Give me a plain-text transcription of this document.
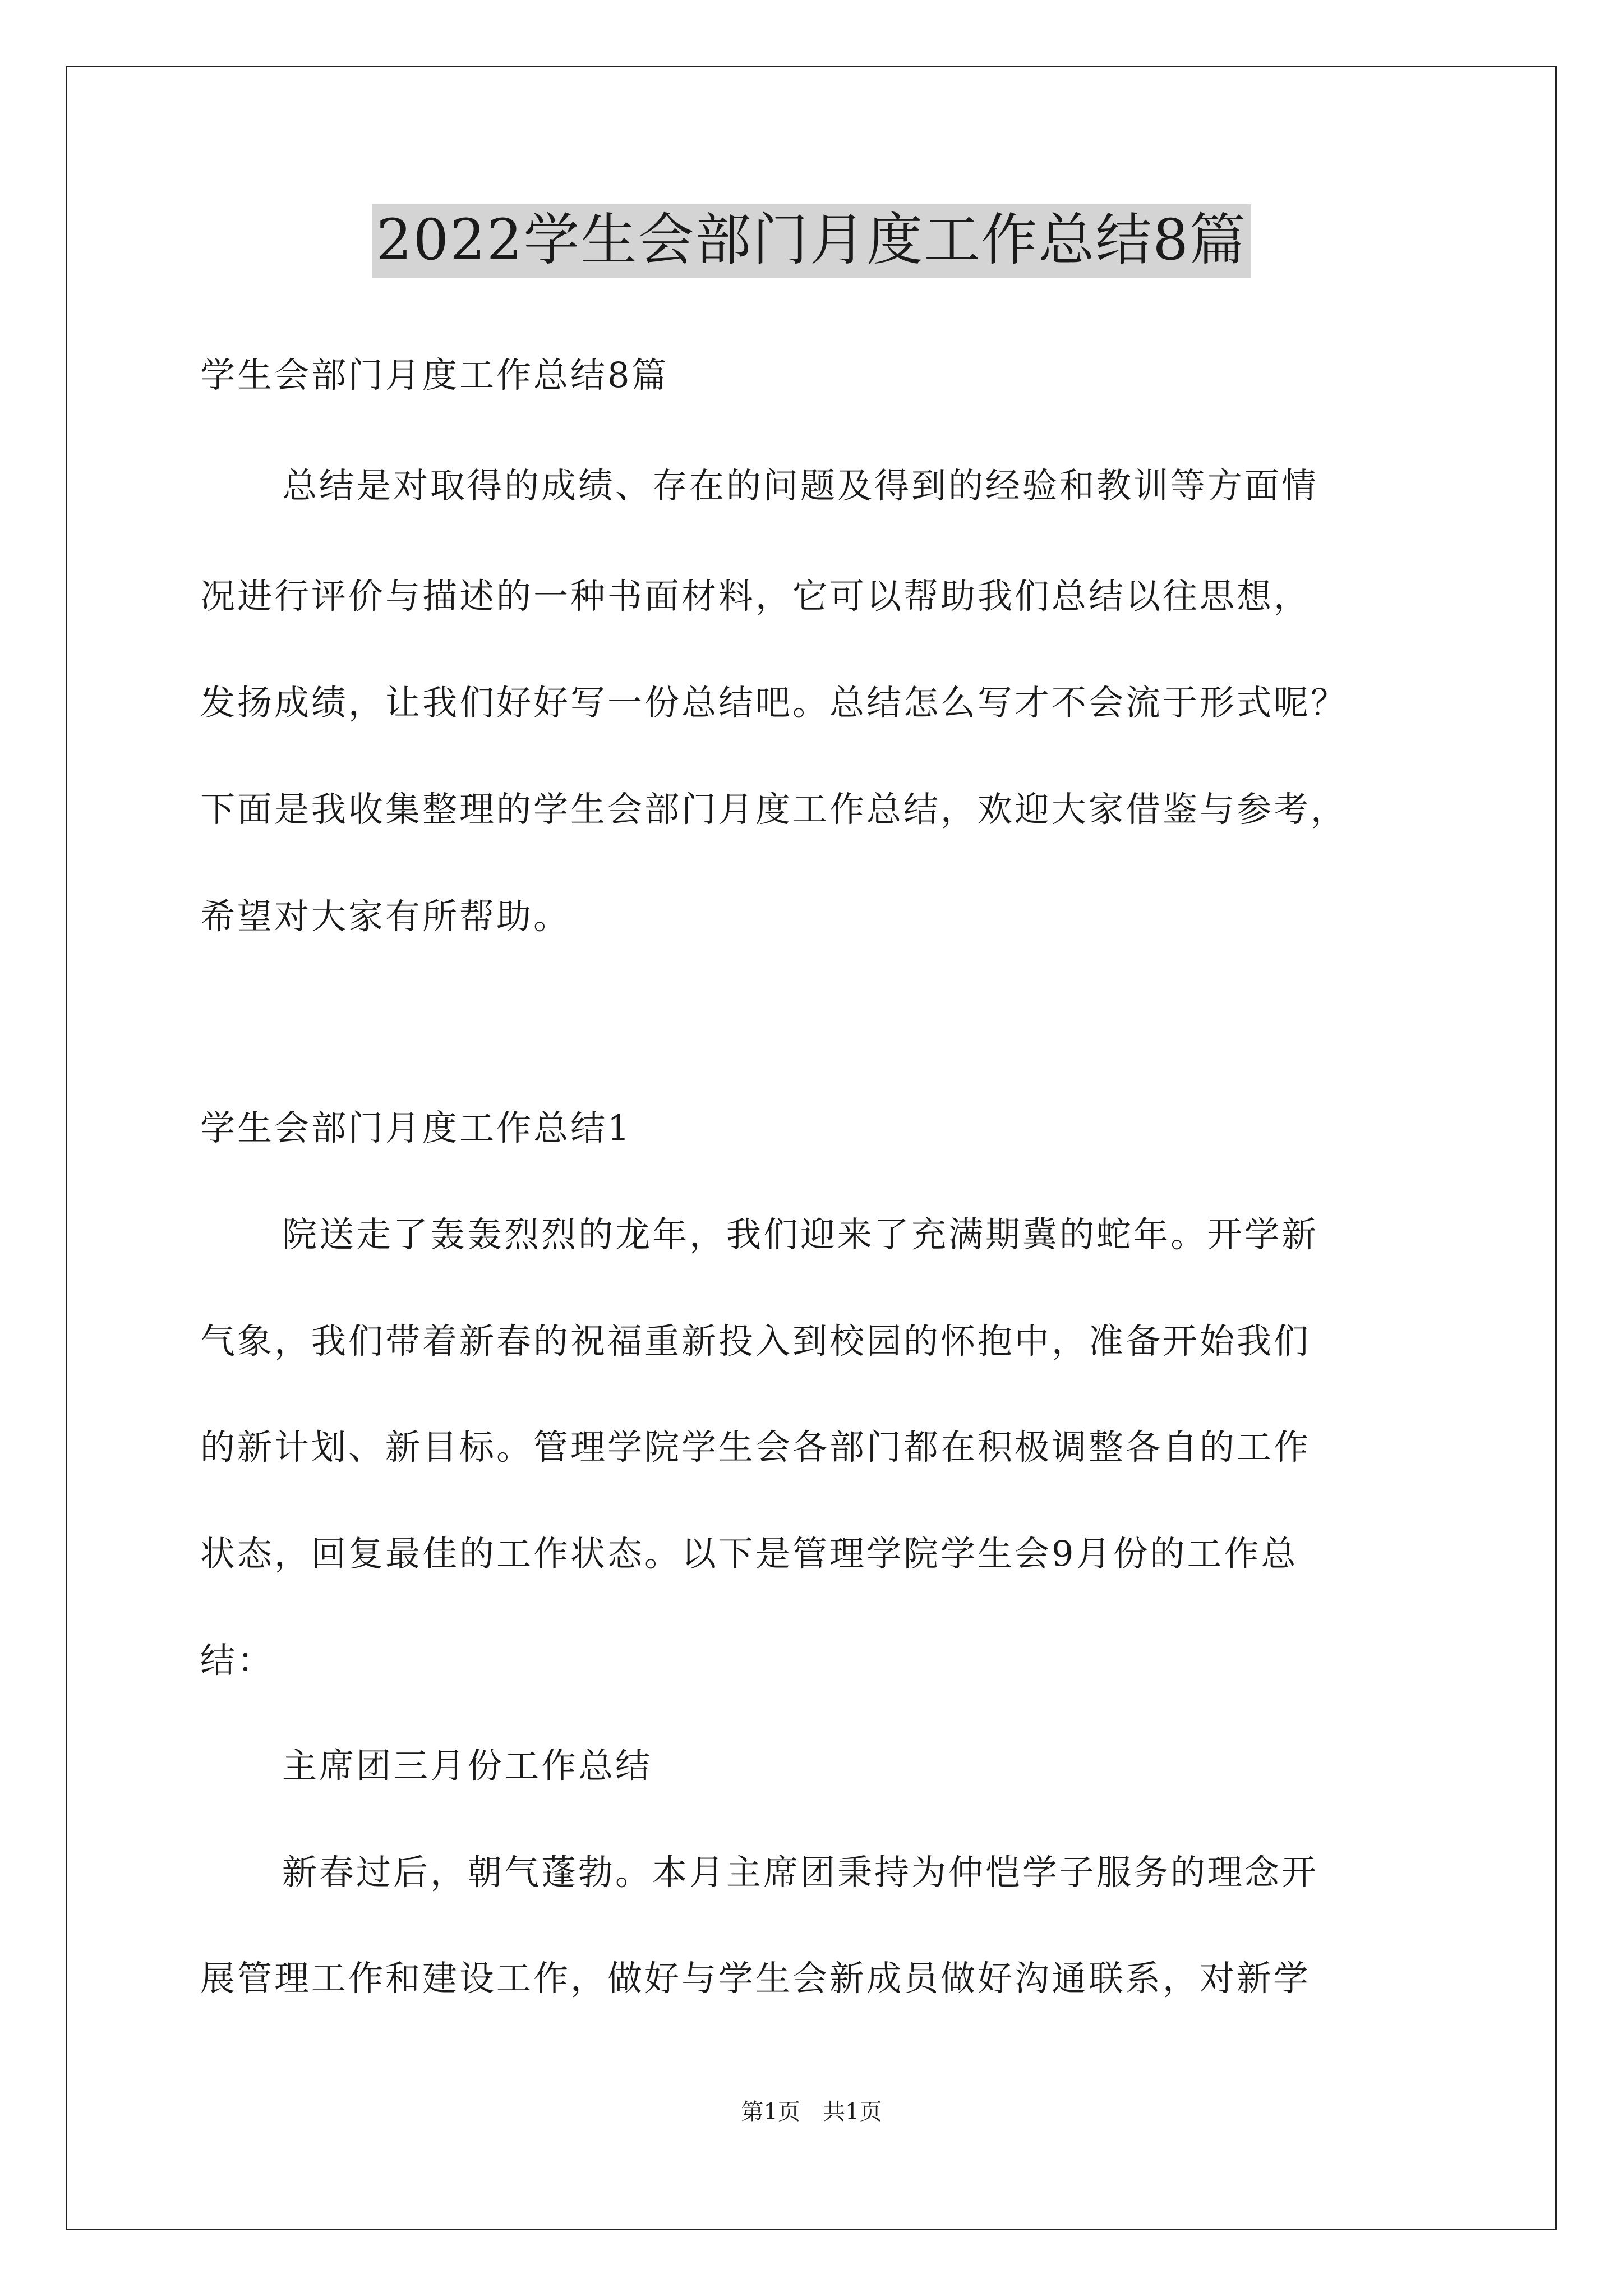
2022学生会部门月度工作总结8篇

学生会部门月度工作总结8篇

总结是对取得的成绩、存在的问题及得到的经验和教训等方面情

况进行评价与描述的一种书面材料，它可以帮助我们总结以往思想，

发扬成绩，让我们好好写一份总结吧。总结怎么写才不会流于形式呢？

下面是我收集整理的学生会部门月度工作总结，欢迎大家借鉴与参考，

希望对大家有所帮助。

学生会部门月度工作总结1

院送走了轰轰烈烈的龙年，我们迎来了充满期冀的蛇年。开学新

气象，我们带着新春的祝福重新投入到校园的怀抱中，准备开始我们

的新计划、新目标。管理学院学生会各部门都在积极调整各自的工作

状态，回复最佳的工作状态。以下是管理学院学生会9月份的工作总

结：

主席团三月份工作总结

新春过后，朝气蓬勃。本月主席团秉持为仲恺学子服务的理念开

展管理工作和建设工作，做好与学生会新成员做好沟通联系，对新学

第1页　共1页
